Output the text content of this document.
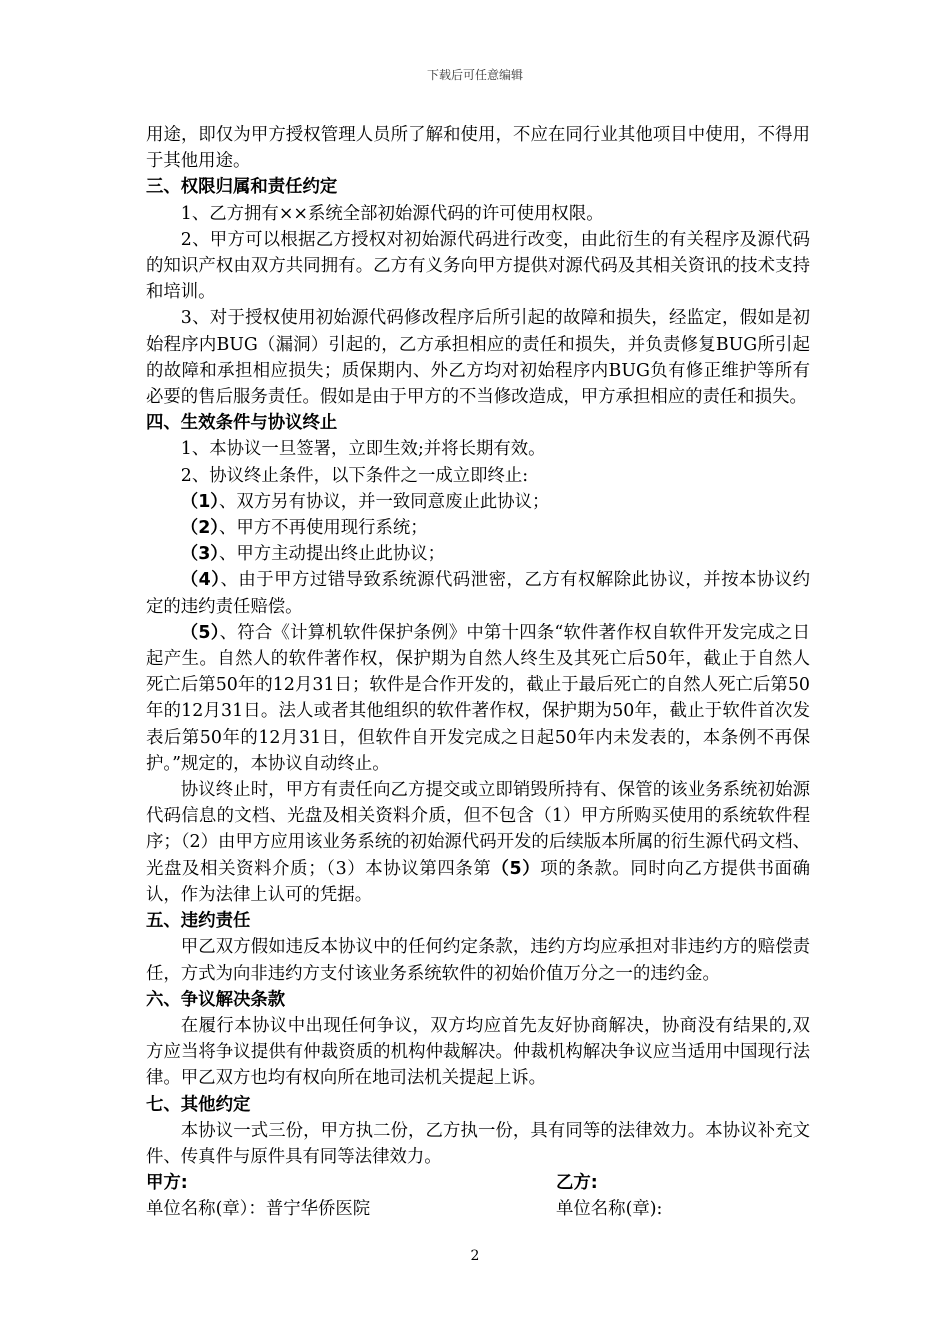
下载后可任意编辑

用途，即仅为甲方授权管理人员所了解和使用，不应在同行业其他项目中使用，不得用于其他用途。

三、权限归属和责任约定

1、乙方拥有××系统全部初始源代码的许可使用权限。

2、甲方可以根据乙方授权对初始源代码进行改变，由此衍生的有关程序及源代码的知识产权由双方共同拥有。乙方有义务向甲方提供对源代码及其相关资讯的技术支持和培训。

3、对于授权使用初始源代码修改程序后所引起的故障和损失，经监定，假如是初始程序内BUG（漏洞）引起的，乙方承担相应的责任和损失，并负责修复BUG所引起的故障和承担相应损失；质保期内、外乙方均对初始程序内BUG负有修正维护等所有必要的售后服务责任。假如是由于甲方的不当修改造成，甲方承担相应的责任和损失。

四、生效条件与协议终止

1、本协议一旦签署，立即生效;并将长期有效。

2、协议终止条件，以下条件之一成立即终止:

（1）、双方另有协议，并一致同意废止此协议；

（2）、甲方不再使用现行系统；

（3）、甲方主动提出终止此协议；

（4）、由于甲方过错导致系统源代码泄密，乙方有权解除此协议，并按本协议约定的违约责任赔偿。

（5）、符合《计算机软件保护条例》中第十四条“软件著作权自软件开发完成之日起产生。自然人的软件著作权，保护期为自然人终生及其死亡后50年，截止于自然人死亡后第50年的12月31日；软件是合作开发的，截止于最后死亡的自然人死亡后第50年的12月31日。法人或者其他组织的软件著作权，保护期为50年，截止于软件首次发表后第50年的12月31日，但软件自开发完成之日起50年内未发表的，本条例不再保护。”规定的，本协议自动终止。

协议终止时，甲方有责任向乙方提交或立即销毁所持有、保管的该业务系统初始源代码信息的文档、光盘及相关资料介质，但不包含（1）甲方所购买使用的系统软件程序；（2）由甲方应用该业务系统的初始源代码开发的后续版本所属的衍生源代码文档、光盘及相关资料介质；（3）本协议第四条第（5）项的条款。同时向乙方提供书面确认，作为法律上认可的凭据。

五、违约责任

甲乙双方假如违反本协议中的任何约定条款，违约方均应承担对非违约方的赔偿责任，方式为向非违约方支付该业务系统软件的初始价值万分之一的违约金。

六、争议解决条款

在履行本协议中出现任何争议，双方均应首先友好协商解决，协商没有结果的,双方应当将争议提供有仲裁资质的机构仲裁解决。仲裁机构解决争议应当适用中国现行法律。甲乙双方也均有权向所在地司法机关提起上诉。

七、其他约定

本协议一式三份，甲方执二份，乙方执一份，具有同等的法律效力。本协议补充文件、传真件与原件具有同等法律效力。

甲方:	乙方:
单位名称(章）：普宁华侨医院	单位名称(章):
2
